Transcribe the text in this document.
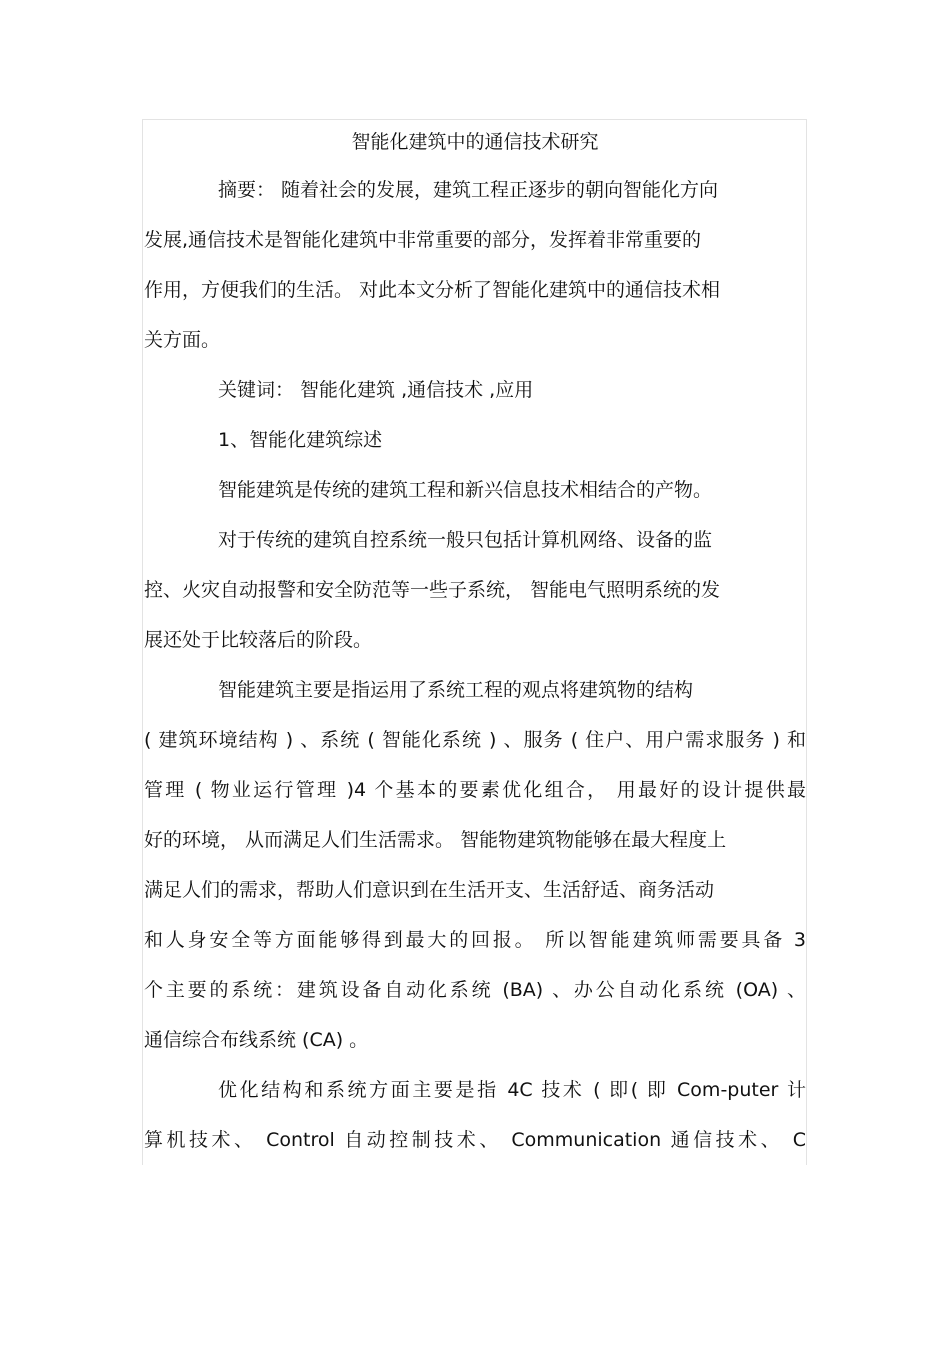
智能化建筑中的通信技术研究
摘要： 随着社会的发展，建筑工程正逐步的朝向智能化方向
发展,通信技术是智能化建筑中非常重要的部分，发挥着非常重要的
作用，方便我们的生活。 对此本文分析了智能化建筑中的通信技术相
关方面。
关键词： 智能化建筑 ,通信技术 ,应用
1、智能化建筑综述
智能建筑是传统的建筑工程和新兴信息技术相结合的产物。
对于传统的建筑自控系统一般只包括计算机网络、设备的监
控、火灾自动报警和安全防范等一些子系统， 智能电气照明系统的发
展还处于比较落后的阶段。
智能建筑主要是指运用了系统工程的观点将建筑物的结构
( 建筑环境结构 ) 、系统 ( 智能化系统 ) 、服务 ( 住户、用户需求服务 ) 和
管理 ( 物业运行管理 )4 个基本的要素优化组合， 用最好的设计提供最
好的环境， 从而满足人们生活需求。 智能物建筑物能够在最大程度上
满足人们的需求，帮助人们意识到在生活开支、生活舒适、商务活动
和人身安全等方面能够得到最大的回报。 所以智能建筑师需要具备 3
个主要的系统：建筑设备自动化系统 (BA) 、办公自动化系统 (OA) 、
通信综合布线系统 (CA) 。
优化结构和系统方面主要是指 4C 技术 ( 即( 即 Com-puter 计
算机技术、 Control 自动控制技术、 Communication 通信技术、 C
